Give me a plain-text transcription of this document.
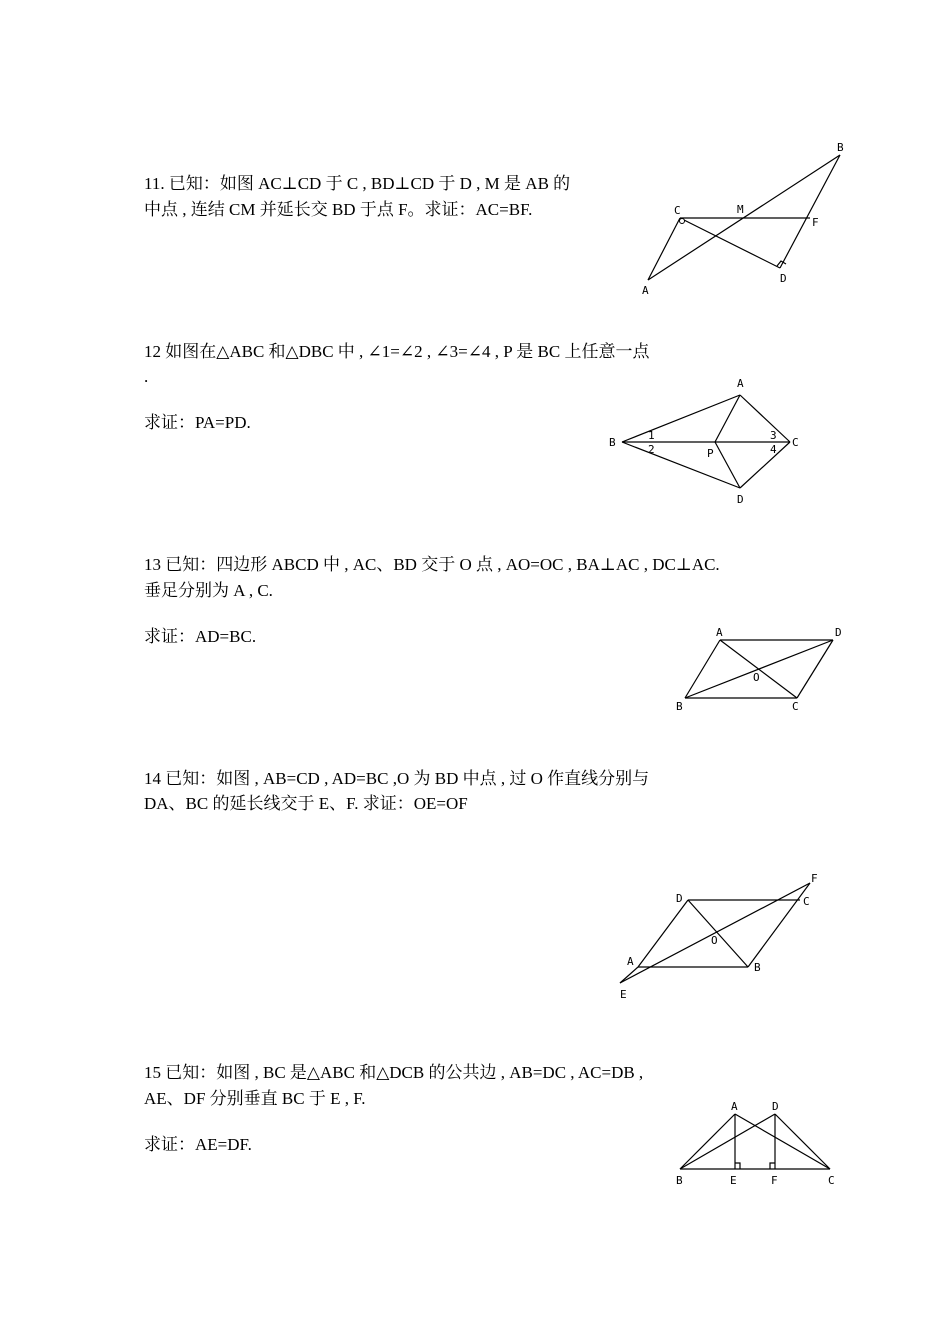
11. 已知：如图 AC⊥CD 于 C , BD⊥CD 于 D , M 是 AB 的
中点 , 连结 CM 并延长交 BD 于点 F。求证：AC=BF.
B
C	M
F
D
A
12 如图在△ABC 和△DBC 中 , ∠1=∠2 , ∠3=∠4 , P 是 BC 上任意一点
.
求证：PA=PD.
A
B	C
D
P
1
2
3
4
13 已知：四边形 ABCD 中 , AC、BD 交于 O 点 , AO=OC , BA⊥AC , DC⊥AC.
垂足分别为 A , C.
求证：AD=BC.	A	D
O
B	C
14 已知：如图 , AB=CD , AD=BC ,O 为 BD 中点 , 过 O 作直线分别与
DA、BC 的延长线交于 E、F. 求证：OE=OF
F
D	C
O
A	B
E
15 已知：如图 , BC 是△ABC 和△DCB 的公共边 , AB=DC , AC=DB ,
AE、DF 分别垂直 BC 于 E , F.
求证：AE=DF.
A	D
B	E	F	C
